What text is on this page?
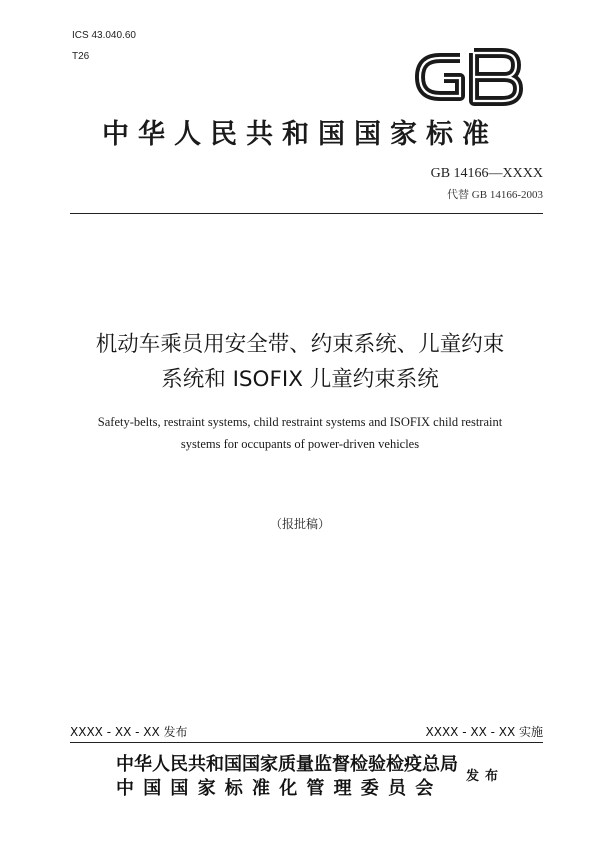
ICS 43.040.60
T26
中华人民共和国国家标准
GB 14166—XXXX
代替 GB 14166-2003
机动车乘员用安全带、约束系统、儿童约束
系统和 ISOFIX 儿童约束系统
Safety-belts, restraint systems, child restraint systems and ISOFIX child restraint
systems for occupants of power-driven vehicles
（报批稿）
XXXX - XX - XX 发布	XXXX - XX - XX 实施
中华人民共和国国家质量监督检验检疫总局
中国国家标准化管理委员会
发布
